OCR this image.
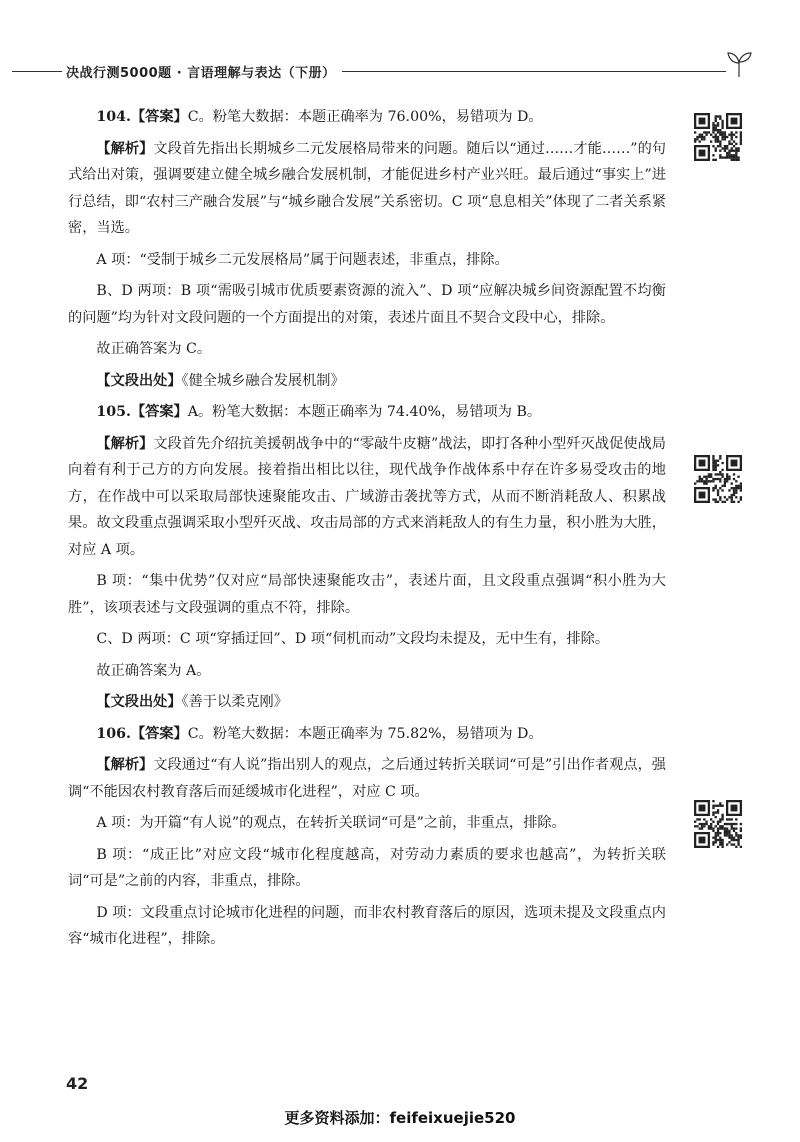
决战行测5000题 · 言语理解与表达（下册）

104.【答案】C。粉笔大数据：本题正确率为 76.00%，易错项为 D。

【解析】文段首先指出长期城乡二元发展格局带来的问题。随后以“通过……才能……”的句式给出对策，强调要建立健全城乡融合发展机制，才能促进乡村产业兴旺。最后通过“事实上”进行总结，即“农村三产融合发展”与“城乡融合发展”关系密切。C 项“息息相关”体现了二者关系紧密，当选。

A 项：“受制于城乡二元发展格局”属于问题表述，非重点，排除。

B、D 两项：B 项“需吸引城市优质要素资源的流入”、D 项“应解决城乡间资源配置不均衡的问题”均为针对文段问题的一个方面提出的对策，表述片面且不契合文段中心，排除。

故正确答案为 C。

【文段出处】《健全城乡融合发展机制》

105.【答案】A。粉笔大数据：本题正确率为 74.40%，易错项为 B。

【解析】文段首先介绍抗美援朝战争中的“零敲牛皮糖”战法，即打各种小型歼灭战促使战局向着有利于己方的方向发展。接着指出相比以往，现代战争作战体系中存在许多易受攻击的地方，在作战中可以采取局部快速聚能攻击、广域游击袭扰等方式，从而不断消耗敌人、积累战果。故文段重点强调采取小型歼灭战、攻击局部的方式来消耗敌人的有生力量，积小胜为大胜，对应 A 项。

B 项：“集中优势”仅对应“局部快速聚能攻击”，表述片面，且文段重点强调“积小胜为大胜”，该项表述与文段强调的重点不符，排除。

C、D 两项：C 项“穿插迂回”、D 项“伺机而动”文段均未提及，无中生有，排除。

故正确答案为 A。

【文段出处】《善于以柔克刚》

106.【答案】C。粉笔大数据：本题正确率为 75.82%，易错项为 D。

【解析】文段通过“有人说”指出别人的观点，之后通过转折关联词“可是”引出作者观点，强调“不能因农村教育落后而延缓城市化进程”，对应 C 项。

A 项：为开篇“有人说”的观点，在转折关联词“可是”之前，非重点，排除。

B 项：“成正比”对应文段“城市化程度越高，对劳动力素质的要求也越高”，为转折关联词“可是”之前的内容，非重点，排除。

D 项：文段重点讨论城市化进程的问题，而非农村教育落后的原因，选项未提及文段重点内容“城市化进程”，排除。

42
更多资料添加：feifeixuejie520
